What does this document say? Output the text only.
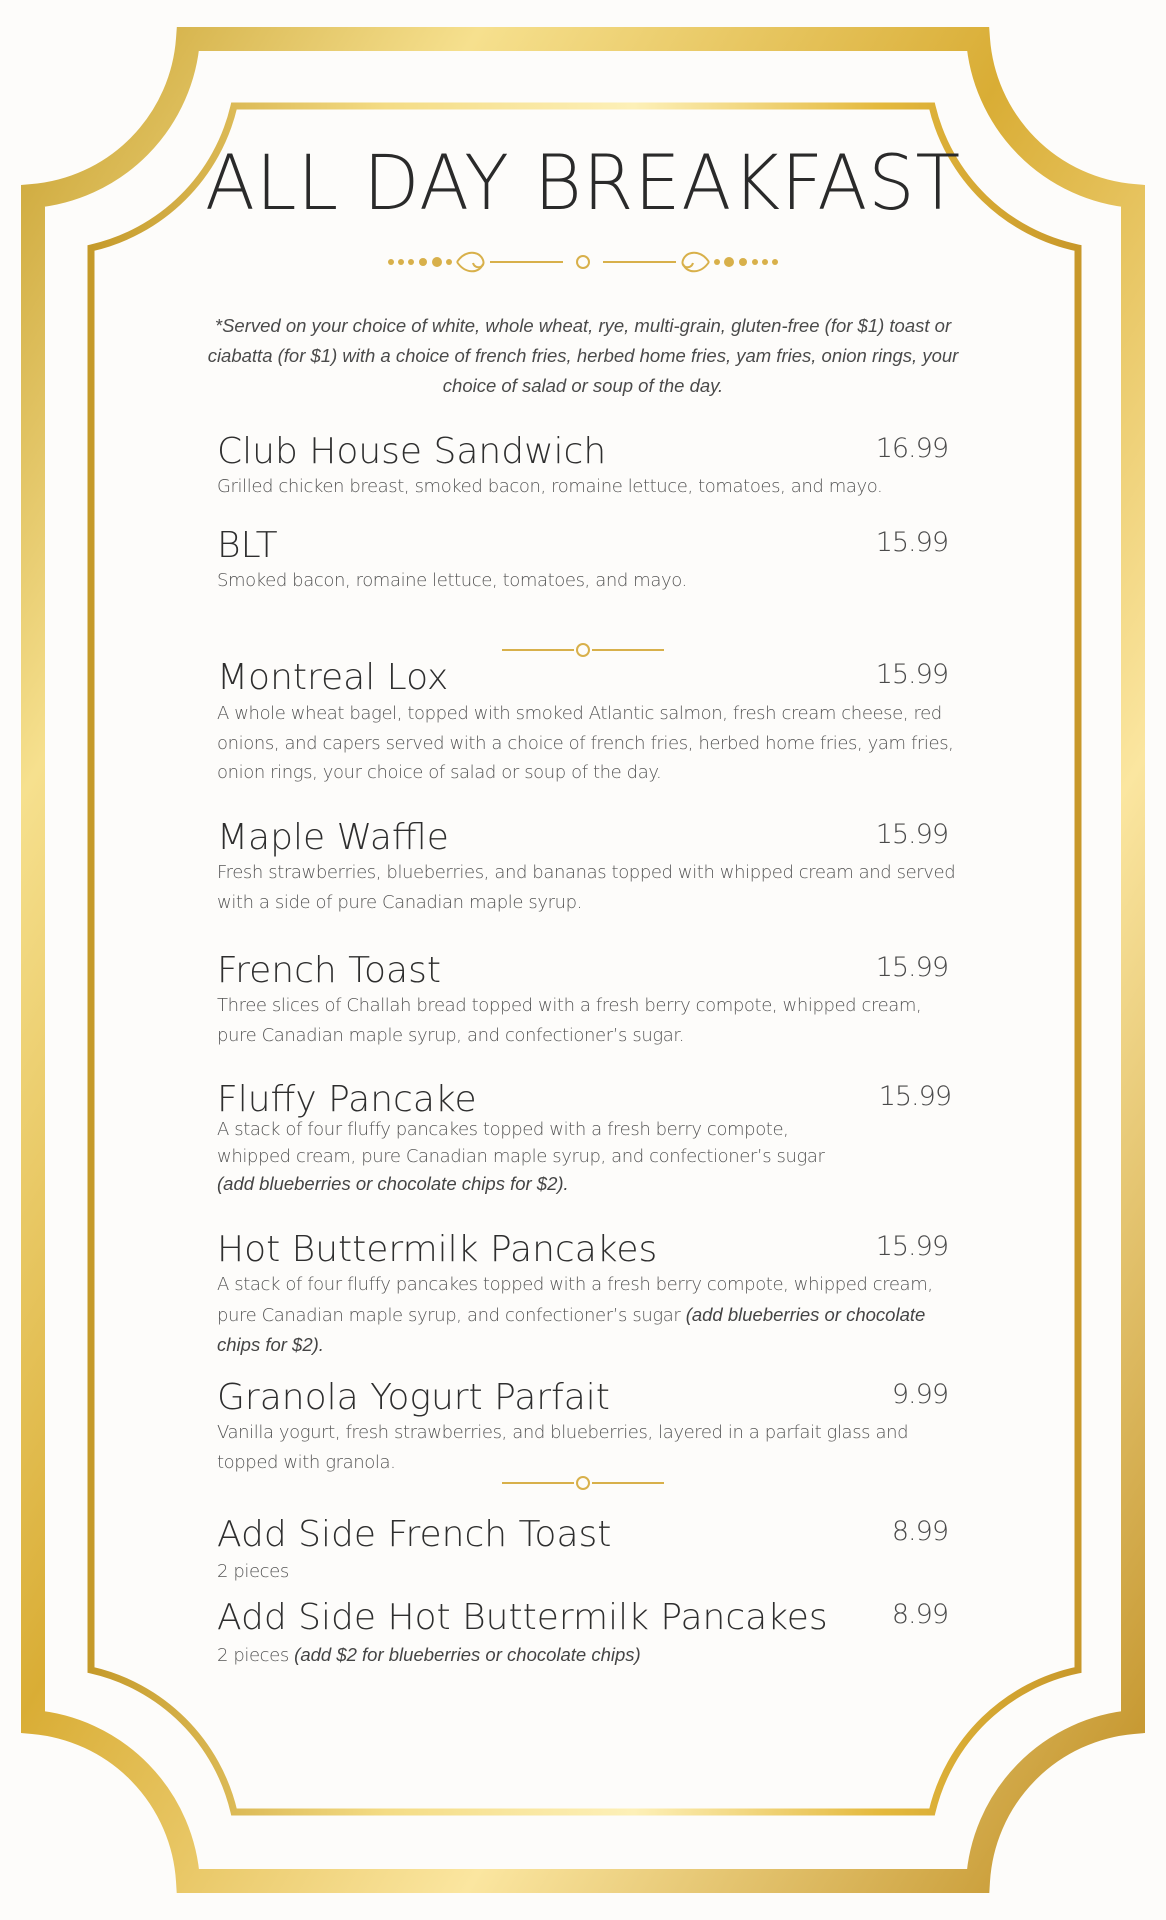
ALL DAY BREAKFAST

*Served on your choice of white, whole wheat, rye, multi-grain, gluten-free (for $1) toast or ciabatta (for $1) with a choice of french fries, herbed home fries, yam fries, onion rings, your choice of salad or soup of the day.

Club House Sandwich	16.99

Grilled chicken breast, smoked bacon, romaine lettuce, tomatoes, and mayo.

BLT	15.99

Smoked bacon, romaine lettuce, tomatoes, and mayo.

Montreal Lox	15.99

A whole wheat bagel, topped with smoked Atlantic salmon, fresh cream cheese, red onions, and capers served with a choice of french fries, herbed home fries, yam fries, onion rings, your choice of salad or soup of the day.

Maple Waffle	15.99

Fresh strawberries, blueberries, and bananas topped with whipped cream and served with a side of pure Canadian maple syrup.

French Toast	15.99

Three slices of Challah bread topped with a fresh berry compote, whipped cream, pure Canadian maple syrup, and confectioner’s sugar.

Fluffy Pancake	15.99

A stack of four fluffy pancakes topped with a fresh berry compote, whipped cream, pure Canadian maple syrup, and confectioner’s sugar
(add blueberries or chocolate chips for $2).

Hot Buttermilk Pancakes	15.99

A stack of four fluffy pancakes topped with a fresh berry compote, whipped cream, pure Canadian maple syrup, and confectioner’s sugar (add blueberries or chocolate chips for $2).

Granola Yogurt Parfait	9.99

Vanilla yogurt, fresh strawberries, and blueberries, layered in a parfait glass and topped with granola.

Add Side French Toast	8.99

2 pieces

Add Side Hot Buttermilk Pancakes 8.99

2 pieces (add $2 for blueberries or chocolate chips)
